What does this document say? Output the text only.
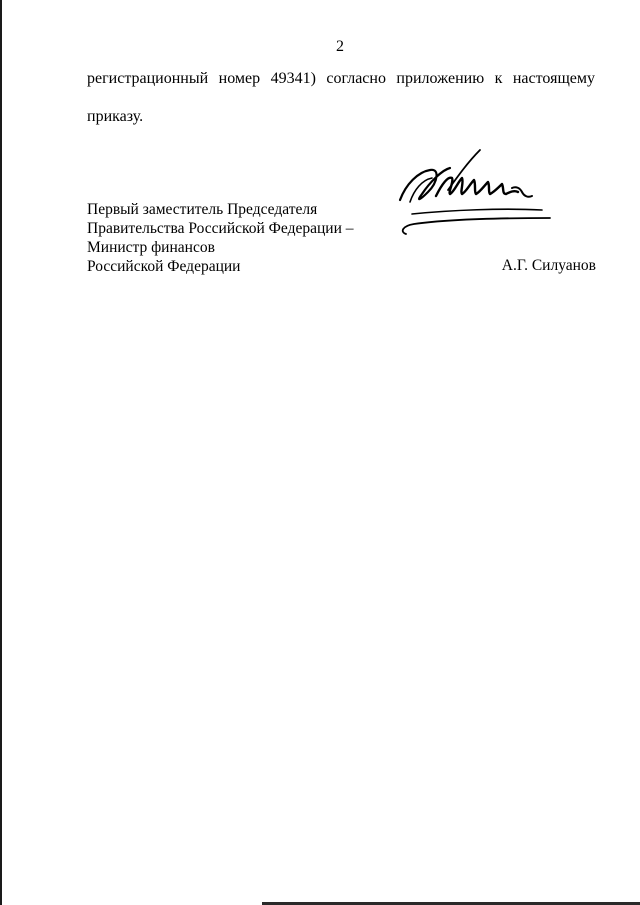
2
регистрационный номер 49341) согласно приложению к настоящему
приказу.
Первый заместитель Председателя
Правительства Российской Федерации –
Министр финансов
Российской Федерации	А.Г. Силуанов
